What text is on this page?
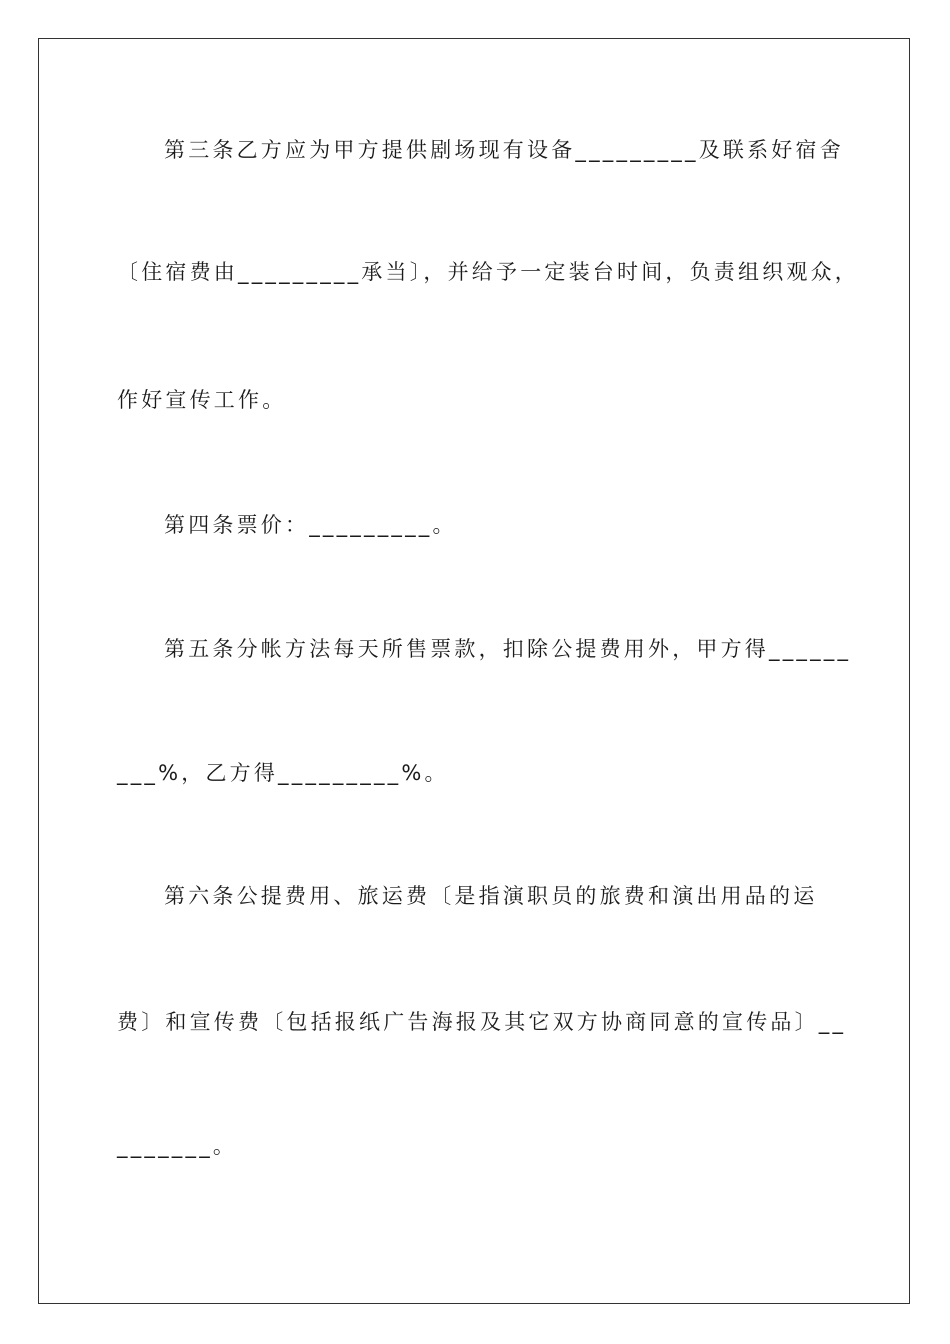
第三条乙方应为甲方提供剧场现有设备_________及联系好宿舍
〔住宿费由_________承当〕，并给予一定装台时间，负责组织观众，
作好宣传工作。
第四条票价：_________。
第五条分帐方法每天所售票款，扣除公提费用外，甲方得______
___%，乙方得_________%。
第六条公提费用、旅运费〔是指演职员的旅费和演出用品的运
费〕和宣传费〔包括报纸广告海报及其它双方协商同意的宣传品〕__
_______。
